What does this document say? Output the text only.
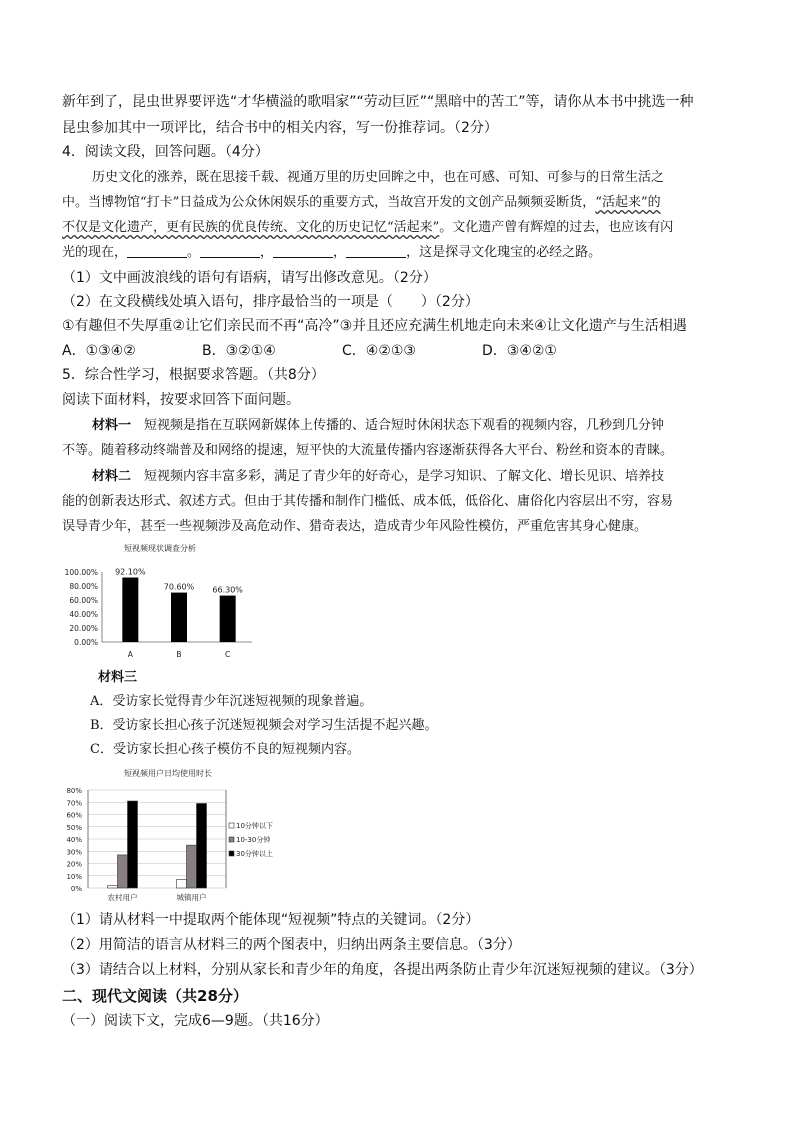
新年到了，昆虫世界要评选“才华横溢的歌唱家”“劳动巨匠”“黑暗中的苦工”等，请你从本书中挑选一种
昆虫参加其中一项评比，结合书中的相关内容，写一份推荐词。（2分）
4．阅读文段，回答问题。（4分）
历史文化的涨养，既在思接千载、视通万里的历史回眸之中，也在可感、可知、可参与的日常生活之
中。当博物馆“打卡”日益成为公众休闲娱乐的重要方式，当故宫开发的文创产品频频妥断货，“活起来”的
不仅是文化遗产，更有民族的优良传统、文化的历史记忆“活起来”。文化遗产曾有辉煌的过去，也应该有闪
光的现在，	。	，	，	，这是探寻文化瑰宝的必经之路。
（1）文中画波浪线的语句有语病，请写出修改意见。（2分）
（2）在文段横线处填入语句，排序最恰当的一项是（　　）（2分）
①有趣但不失厚重②让它们亲民而不再“高冷”③并且还应充满生机地走向未来④让文化遗产与生活相遇
A．①③④②	B．③②①④	C．④②①③	D．③④②①
5．综合性学习，根据要求答题。（共8分）
阅读下面材料，按要求回答下面问题。
材料一　 短视频是指在互联网新媒体上传播的、适合短时休闲状态下观看的视频内容，几秒到几分钟
不等。随着移动终端普及和网络的提速，短平快的大流量传播内容逐渐获得各大平台、粉丝和资本的青睐。
材料二　 短视频内容丰富多彩，满足了青少年的好奇心，是学习知识、了解文化、增长见识、培养技
能的创新表达形式、叙述方式。但由于其传播和制作门槛低、成本低，低俗化、庸俗化内容层出不穷，容易
误导青少年，甚至一些视频涉及高危动作、猎奇表达，造成青少年风险性模仿，严重危害其身心健康。
短视频现状调查分析
100.00%
80.00%
60.00%
40.00%
20.00%
0.00%
92.10%
A
70.60%
B
66.30%
C
材料三
A．受访家长觉得青少年沉迷短视频的现象普遍。
B．受访家长担心孩子沉迷短视频会对学习生活提不起兴趣。
C．受访家长担心孩子模仿不良的短视频内容。
短视频用户日均使用时长
80%
70%
60%
50%
40%
30%
20%
10%
0%
农村用户	城镇用户
10分钟以下
10-30分钟
30分钟以上
（1）请从材料一中提取两个能体现“短视频”特点的关键词。（2分）
（2）用简洁的语言从材料三的两个图表中，归纳出两条主要信息。（3分）
（3）请结合以上材料，分别从家长和青少年的角度，各提出两条防止青少年沉迷短视频的建议。（3分）
二、现代文阅读（共28分）
（一）阅读下文，完成6—9题。（共16分）
